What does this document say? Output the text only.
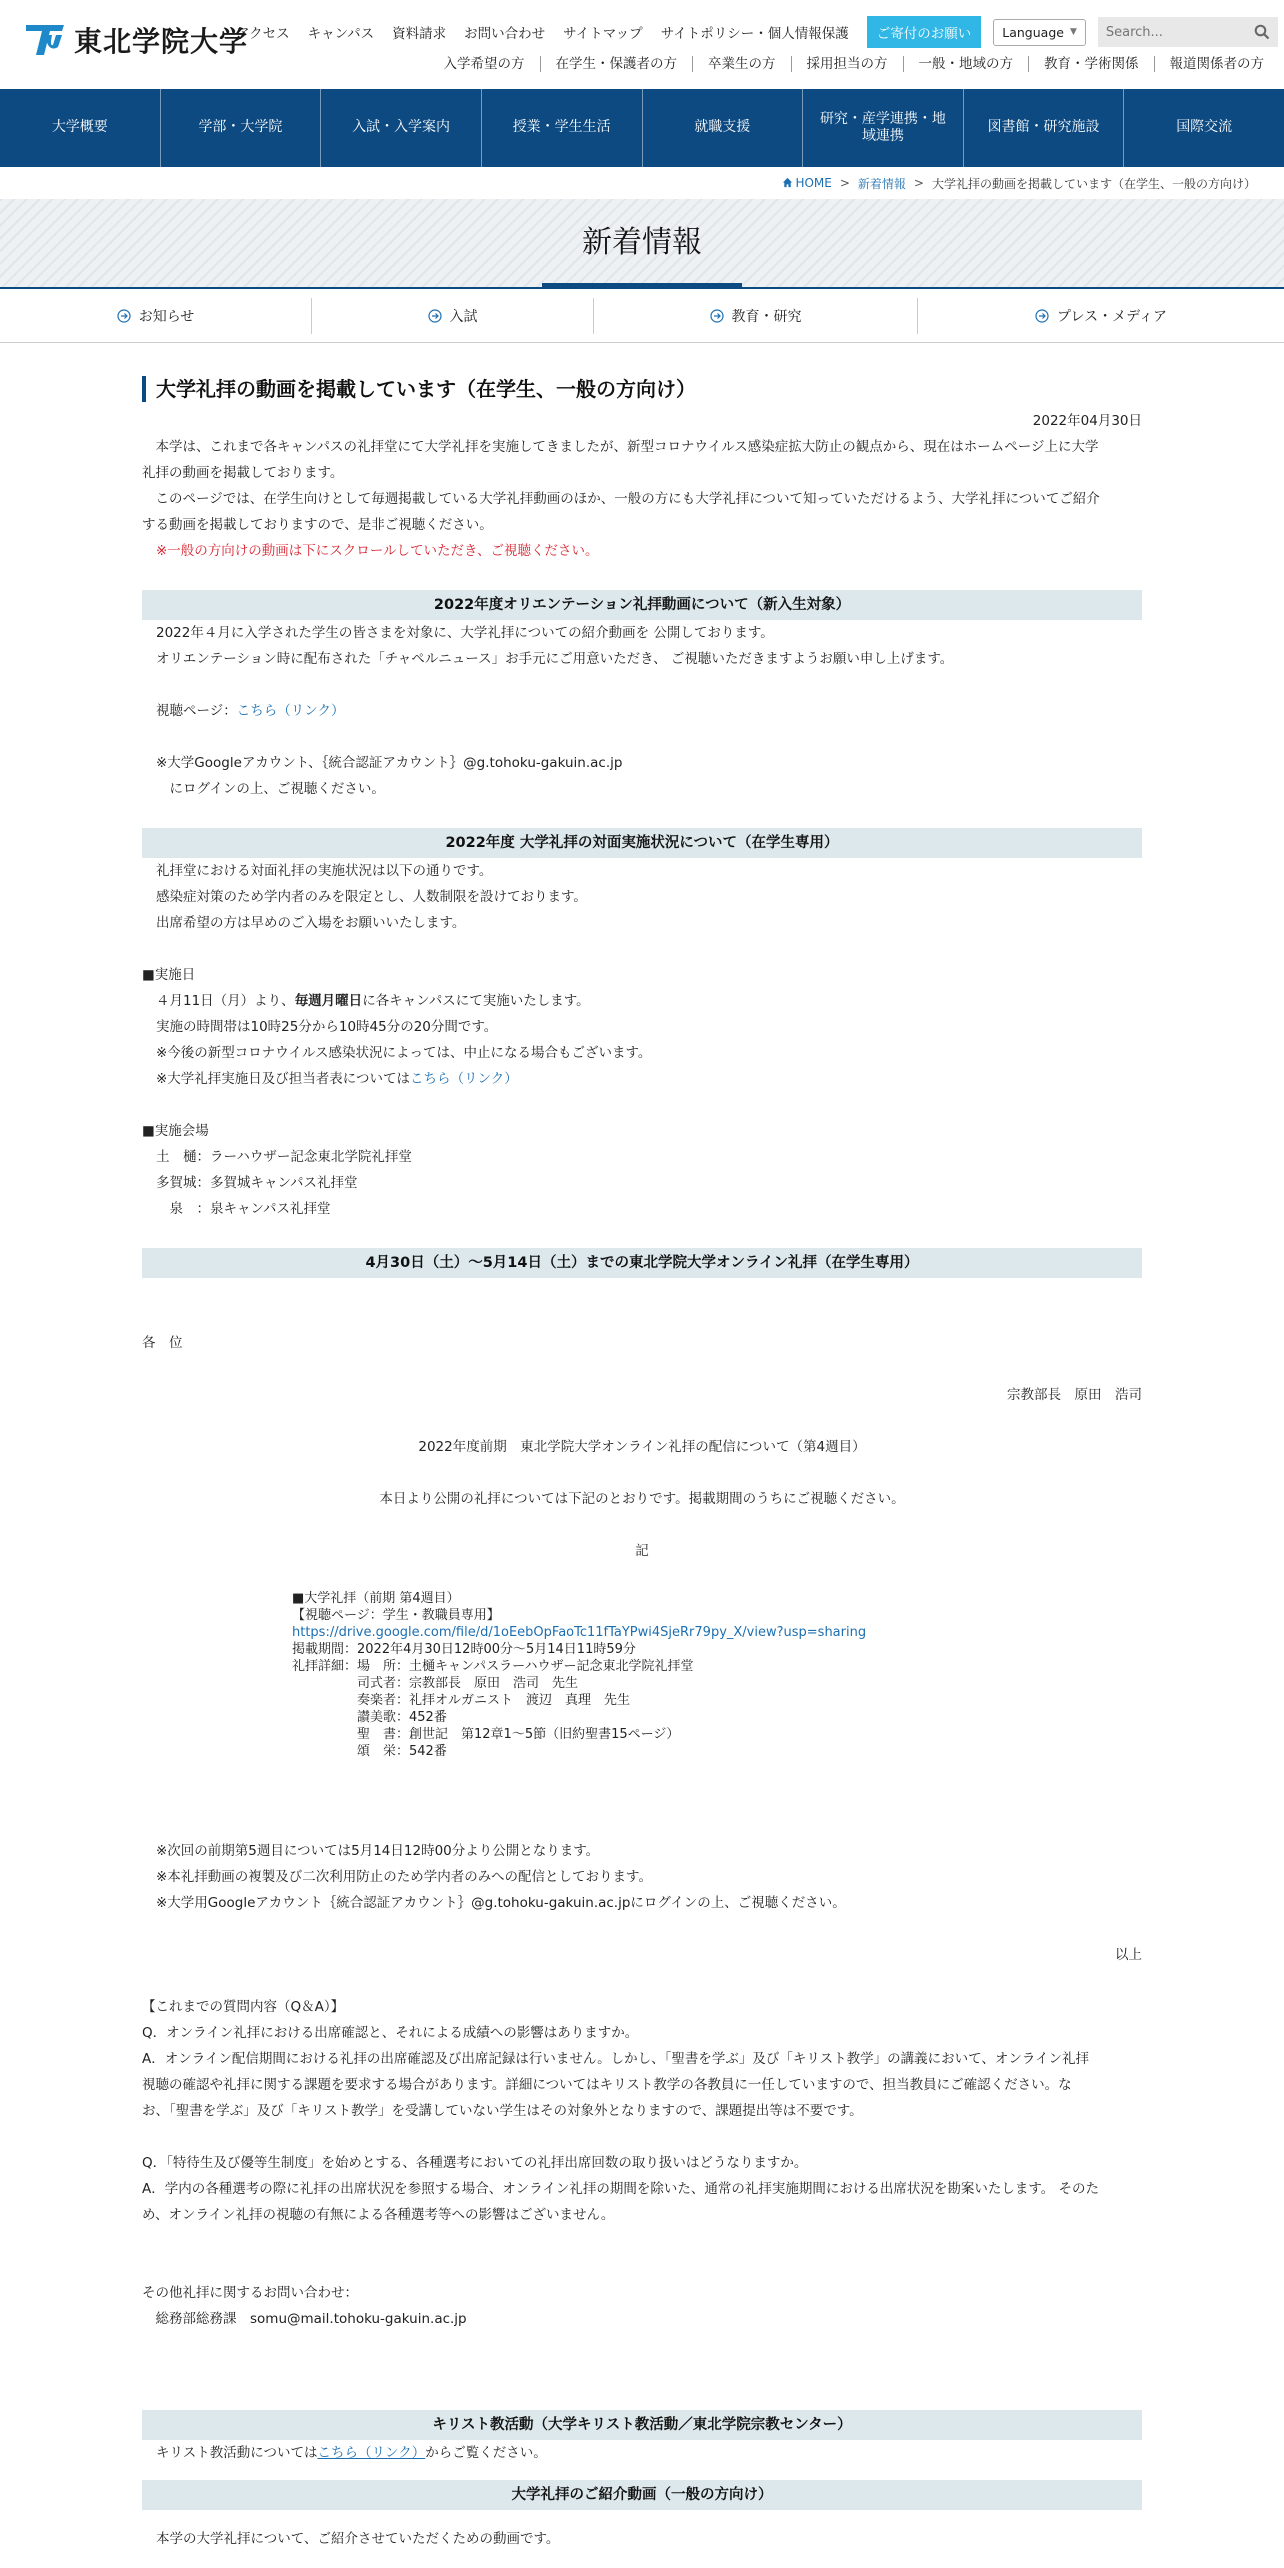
東北学院大学
アクセス キャンパス 資料請求 お問い合わせ サイトマップ サイトポリシー・個人情報保護	ご寄付のお願い	Language ▼
Search...
入学希望の方	在学生・保護者の方	卒業生の方	採用担当の方	一般・地域の方	教育・学術関係	報道関係者の方
大学概要	学部・大学院	入試・入学案内	授業・学生生活	就職支援
研究・産学連携・地域連携
図書館・研究施設	国際交流
HOME > 新着情報 > 大学礼拝の動画を掲載しています（在学生、一般の方向け）
新着情報
お知らせ	入試	教育・研究	プレス・メディア
大学礼拝の動画を掲載しています（在学生、一般の方向け）
2022年04月30日

　本学は、これまで各キャンパスの礼拝堂にて大学礼拝を実施してきましたが、新型コロナウイルス感染症拡大防止の観点から、現在はホームページ上に大学

礼拝の動画を掲載しております。

　このページでは、在学生向けとして毎週掲載している大学礼拝動画のほか、一般の方にも大学礼拝について知っていただけるよう、大学礼拝についてご紹介

する動画を掲載しておりますので、是非ご視聴ください。

※一般の方向けの動画は下にスクロールしていただき、ご視聴ください。

2022年度オリエンテーション礼拝動画について（新入生対象）

2022年４月に入学された学生の皆さまを対象に、大学礼拝についての紹介動画を 公開しております。

オリエンテーション時に配布された「チャペルニュース」お手元にご用意いただき、 ご視聴いただきますようお願い申し上げます。

視聴ページ：こちら（リンク）

※大学Googleアカウント、｛統合認証アカウント｝@g.tohoku-gakuin.ac.jp

　にログインの上、ご視聴ください。

2022年度 大学礼拝の対面実施状況について（在学生専用）

礼拝堂における対面礼拝の実施状況は以下の通りです。

感染症対策のため学内者のみを限定とし、人数制限を設けております。

出席希望の方は早めのご入場をお願いいたします。

■実施日

４月11日（月）より、毎週月曜日に各キャンパスにて実施いたします。

実施の時間帯は10時25分から10時45分の20分間です。

※今後の新型コロナウイルス感染状況によっては、中止になる場合もございます。

※大学礼拝実施日及び担当者表についてはこちら（リンク）

■実施会場

土　樋：ラーハウザー記念東北学院礼拝堂

多賀城：多賀城キャンパス礼拝堂

　泉　：泉キャンパス礼拝堂

4月30日（土）～5月14日（土）までの東北学院大学オンライン礼拝（在学生専用）

各　位

宗教部長　原田　浩司

2022年度前期　東北学院大学オンライン礼拝の配信について（第4週目）

本日より公開の礼拝については下記のとおりです。掲載期間のうちにご視聴ください。

記

■大学礼拝（前期 第4週目）
【視聴ページ：学生・教職員専用】
https://drive.google.com/file/d/1oEebOpFaoTc11fTaYPwi4SjeRr79py_X/view?usp=sharing
掲載期間：2022年4月30日12時00分～5月14日11時59分
礼拝詳細：場　所：土樋キャンパスラーハウザー記念東北学院礼拝堂
　　　　　司式者：宗教部長　原田　浩司　先生
　　　　　奏楽者：礼拝オルガニスト　渡辺　真理　先生
　　　　　讃美歌：452番
　　　　　聖　書：創世記　第12章1～5節（旧約聖書15ページ）
　　　　　頌　栄：542番

※次回の前期第5週目については5月14日12時00分より公開となります。

※本礼拝動画の複製及び二次利用防止のため学内者のみへの配信としております。

※大学用Googleアカウント｛統合認証アカウント｝@g.tohoku-gakuin.ac.jpにログインの上、ご視聴ください。

以上

【これまでの質問内容（Q＆A）】

Q．オンライン礼拝における出席確認と、それによる成績への影響はありますか。

A．オンライン配信期間における礼拝の出席確認及び出席記録は行いません。しかし、「聖書を学ぶ」及び「キリスト教学」の講義において、オンライン礼拝

視聴の確認や礼拝に関する課題を要求する場合があります。詳細についてはキリスト教学の各教員に一任していますので、担当教員にご確認ください。な

お、「聖書を学ぶ」及び「キリスト教学」を受講していない学生はその対象外となりますので、課題提出等は不要です。

Q．「特待生及び優等生制度」を始めとする、各種選考においての礼拝出席回数の取り扱いはどうなりますか。

A．学内の各種選考の際に礼拝の出席状況を参照する場合、オンライン礼拝の期間を除いた、通常の礼拝実施期間における出席状況を勘案いたします。 そのた

め、オンライン礼拝の視聴の有無による各種選考等への影響はございません。

その他礼拝に関するお問い合わせ：

　総務部総務課　somu@mail.tohoku-gakuin.ac.jp

キリスト教活動（大学キリスト教活動／東北学院宗教センター）

キリスト教活動についてはこちら（リンク）からご覧ください。

大学礼拝のご紹介動画（一般の方向け）

本学の大学礼拝について、ご紹介させていただくための動画です。
